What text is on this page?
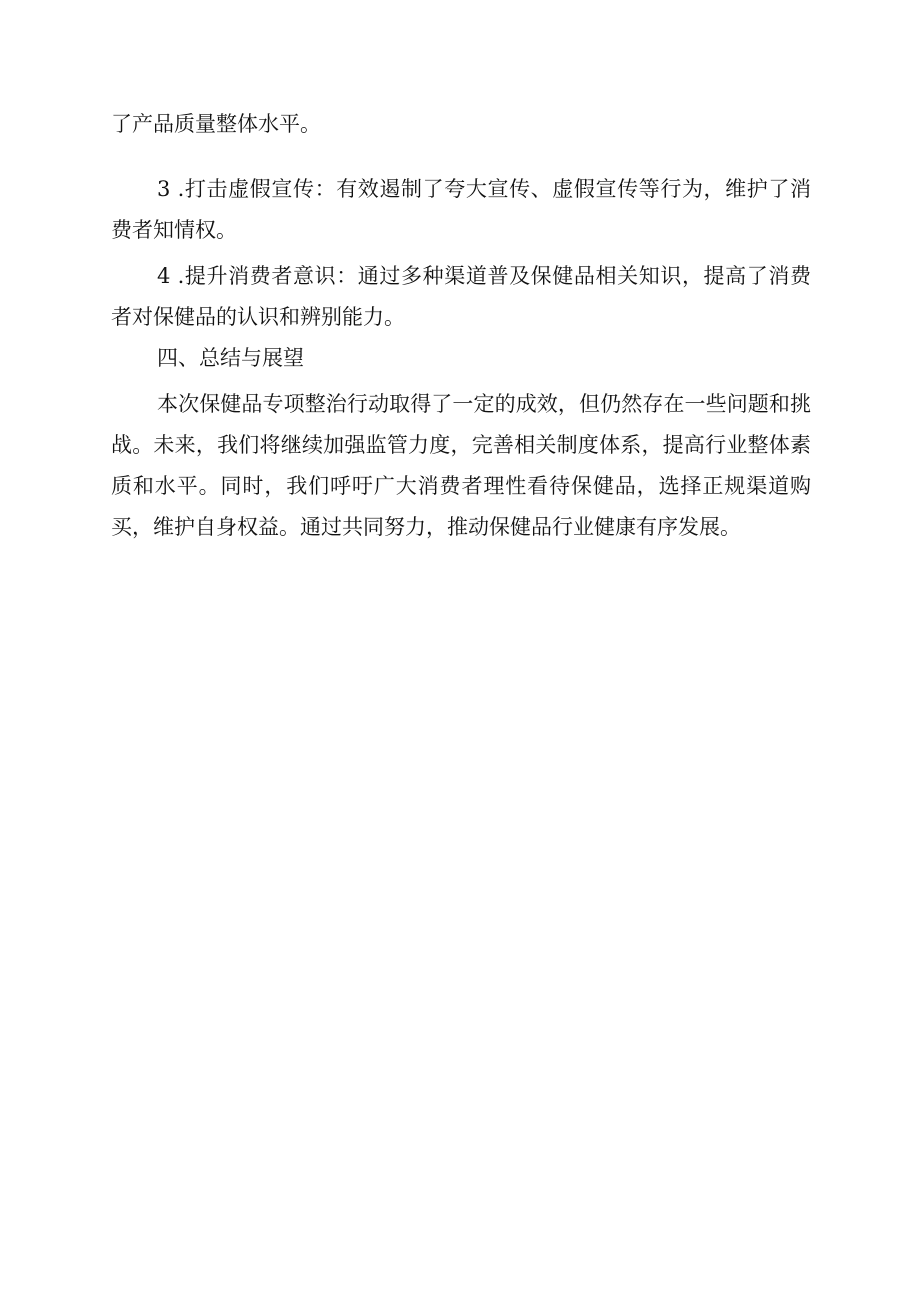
了产品质量整体水平。

3 .打击虚假宣传：有效遏制了夸大宣传、虚假宣传等行为，维护了消费者知情权。

4 .提升消费者意识：通过多种渠道普及保健品相关知识，提高了消费者对保健品的认识和辨别能力。

四、总结与展望

本次保健品专项整治行动取得了一定的成效，但仍然存在一些问题和挑战。未来，我们将继续加强监管力度，完善相关制度体系，提高行业整体素质和水平。同时，我们呼吁广大消费者理性看待保健品，选择正规渠道购买，维护自身权益。通过共同努力，推动保健品行业健康有序发展。
